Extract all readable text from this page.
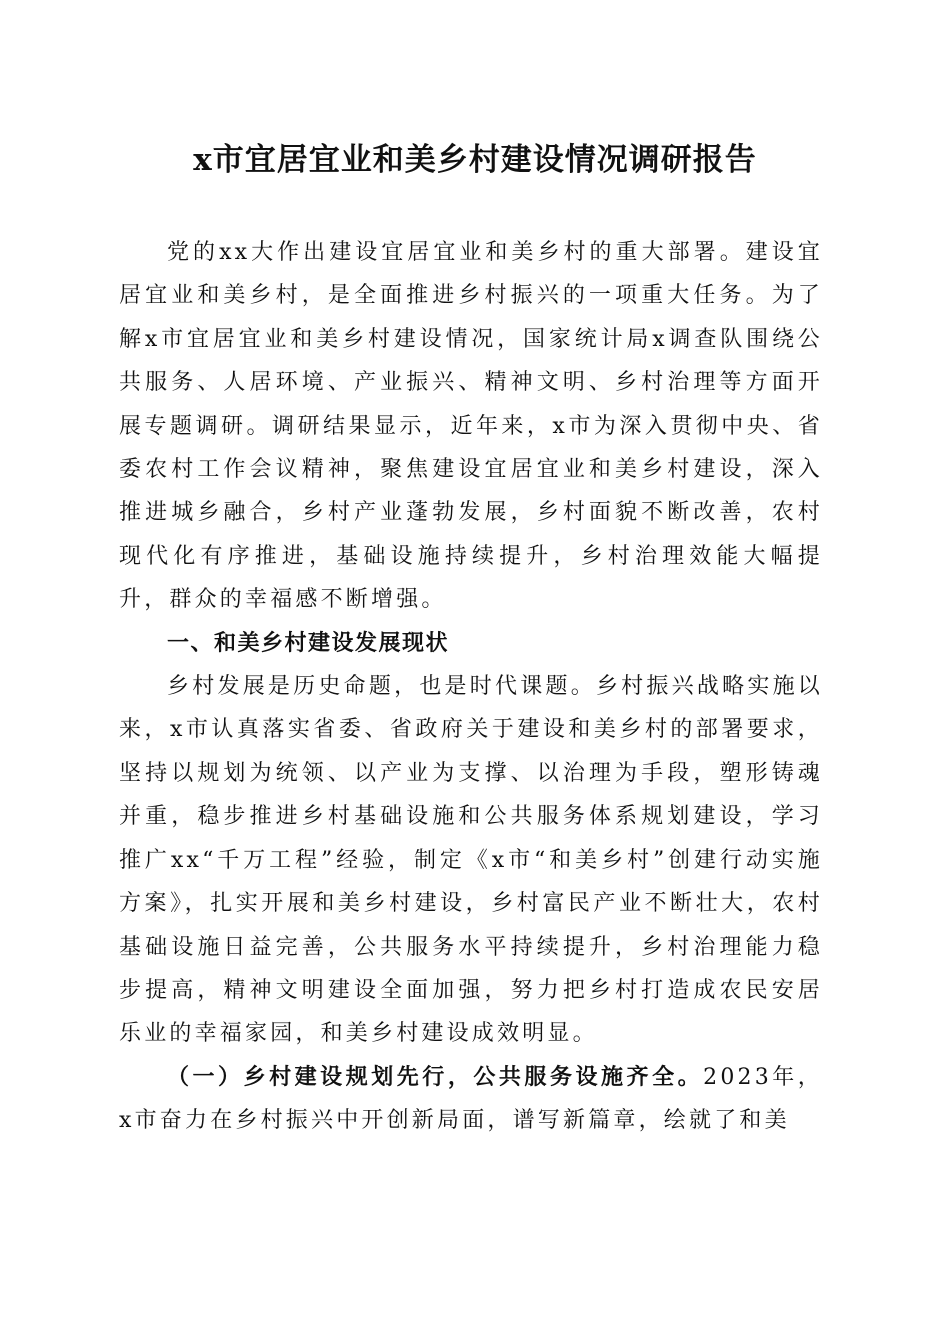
x市宜居宜业和美乡村建设情况调研报告

党的xx大作出建设宜居宜业和美乡村的重大部署。建设宜居宜业和美乡村，是全面推进乡村振兴的一项重大任务。为了解x市宜居宜业和美乡村建设情况，国家统计局x调查队围绕公共服务、人居环境、产业振兴、精神文明、乡村治理等方面开展专题调研。调研结果显示，近年来，x市为深入贯彻中央、省委农村工作会议精神，聚焦建设宜居宜业和美乡村建设，深入推进城乡融合，乡村产业蓬勃发展，乡村面貌不断改善，农村现代化有序推进，基础设施持续提升，乡村治理效能大幅提升，群众的幸福感不断增强。

一、和美乡村建设发展现状

乡村发展是历史命题，也是时代课题。乡村振兴战略实施以来，x市认真落实省委、省政府关于建设和美乡村的部署要求，坚持以规划为统领、以产业为支撑、以治理为手段，塑形铸魂并重，稳步推进乡村基础设施和公共服务体系规划建设，学习推广xx“千万工程”经验，制定《x市“和美乡村”创建行动实施方案》，扎实开展和美乡村建设，乡村富民产业不断壮大，农村基础设施日益完善，公共服务水平持续提升，乡村治理能力稳步提高，精神文明建设全面加强，努力把乡村打造成农民安居乐业的幸福家园，和美乡村建设成效明显。

（一）乡村建设规划先行，公共服务设施齐全。2023年，x市奋力在乡村振兴中开创新局面，谱写新篇章，绘就了和美
